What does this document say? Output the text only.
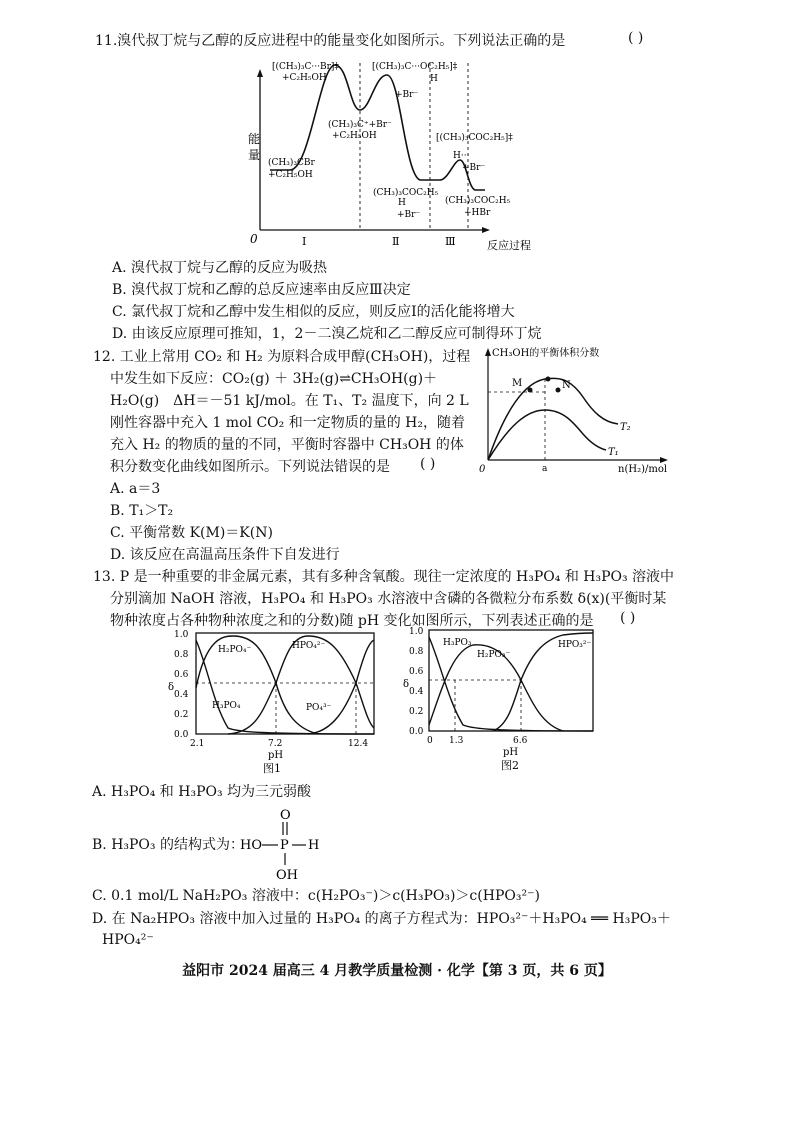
11.溴代叔丁烷与乙醇的反应进程中的能量变化如图所示。下列说法正确的是	( )
能
量
0	反应过程
Ⅰ	Ⅱ	Ⅲ
[(CH₃)₃C···Br]‡
+C₂H₅OH
[(CH₃)₃C···OC₂H₅]‡
H
+Br⁻
(CH₃)₃C⁺+Br⁻
+C₂H₅OH
(CH₃)₃CBr
+C₂H₅OH
[(CH₃)₃COC₂H₅]‡
H···
+Br⁻
(CH₃)₃COC₂H₅
H
+Br⁻
(CH₃)₃COC₂H₅
+HBr
A. 溴代叔丁烷与乙醇的反应为吸热
B. 溴代叔丁烷和乙醇的总反应速率由反应Ⅲ决定
C. 氯代叔丁烷和乙醇中发生相似的反应，则反应Ⅰ的活化能将增大
D. 由该反应原理可推知，1，2－二溴乙烷和乙二醇反应可制得环丁烷
12. 工业上常用 CO₂ 和 H₂ 为原料合成甲醇(CH₃OH)，过程
中发生如下反应：CO₂(g) ＋ 3H₂(g)⇌CH₃OH(g)＋
H₂O(g)　ΔH＝－51 kJ/mol。在 T₁、T₂ 温度下，向 2 L
刚性容器中充入 1 mol CO₂ 和一定物质的量的 H₂，随着
充入 H₂ 的物质的量的不同，平衡时容器中 CH₃OH 的体
积分数变化曲线如图所示。下列说法错误的是 ( )
CH₃OH的平衡体积分数
M	N
T₂
T₁
0	a	n(H₂)/mol
A. a＝3
B. T₁＞T₂
C. 平衡常数 K(M)＝K(N)
D. 该反应在高温高压条件下自发进行
13. P 是一种重要的非金属元素，其有多种含氧酸。现往一定浓度的 H₃PO₄ 和 H₃PO₃ 溶液中
分别滴加 NaOH 溶液，H₃PO₄ 和 H₃PO₃ 水溶液中含磷的各微粒分布系数 δ(x)(平衡时某
物种浓度占各种物种浓度之和的分数)随 pH 变化如图所示，下列表述正确的是 ( )
1.0
0.8
0.6
0.4
0.2
0.0
δ
H₂PO₄⁻	HPO₄²⁻
H₃PO₄	PO₄³⁻
2.1	7.2	12.4
pH
图1
1.0
0.8
0.6
0.4
0.2
0.0
δ
H₃PO₃
H₂PO₃⁻
HPO₃²⁻
0 1.3	6.6
pH
图2
A. H₃PO₄ 和 H₃PO₃ 均为三元弱酸
B. H₃PO₃ 的结构式为：
O
HO P H
OH
C. 0.1 mol/L NaH₂PO₃ 溶液中：c(H₂PO₃⁻)＞c(H₃PO₃)＞c(HPO₃²⁻)
D. 在 Na₂HPO₃ 溶液中加入过量的 H₃PO₄ 的离子方程式为：HPO₃²⁻＋H₃PO₄ ══ H₃PO₃＋
HPO₄²⁻
益阳市 2024 届高三 4 月教学质量检测 · 化学【第 3 页，共 6 页】
